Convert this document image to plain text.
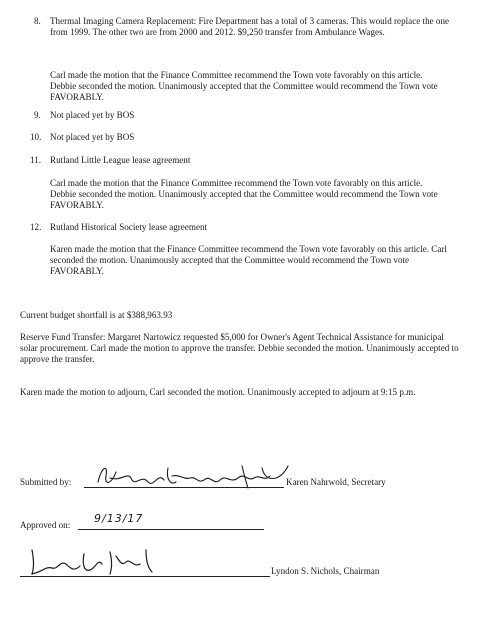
8. Thermal Imaging Camera Replacement: Fire Department has a total of 3 cameras. This would replace the one from 1999. The other two are from 2000 and 2012. $9,250 transfer from Ambulance Wages.
Carl made the motion that the Finance Committee recommend the Town vote favorably on this article. Debbie seconded the motion. Unanimously accepted that the Committee would recommend the Town vote FAVORABLY.
9. Not placed yet by BOS
10. Not placed yet by BOS
11. Rutland Little League lease agreement
Carl made the motion that the Finance Committee recommend the Town vote favorably on this article. Debbie seconded the motion. Unanimously accepted that the Committee would recommend the Town vote FAVORABLY.
12. Rutland Historical Society lease agreement
Karen made the motion that the Finance Committee recommend the Town vote favorably on this article. Carl seconded the motion. Unanimously accepted that the Committee would recommend the Town vote FAVORABLY.
Current budget shortfall is at $388,963.93
Reserve Fund Transfer: Margaret Nartowicz requested $5,000 for Owner's Agent Technical Assistance for municipal solar procurement. Carl made the motion to approve the transfer. Debbie seconded the motion. Unanimously accepted to approve the transfer.
Karen made the motion to adjourn, Carl seconded the motion. Unanimously accepted to adjourn at 9:15 p.m.
Submitted by:	Karen Nahrwold, Secretary
Approved on: 9/13/17
Lyndon S. Nichols, Chairman
